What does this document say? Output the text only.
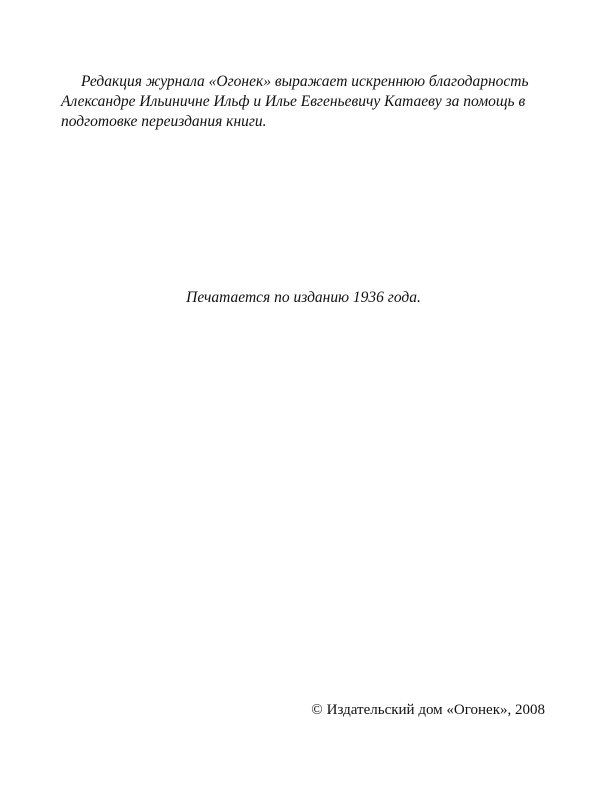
Редакция журнала «Огонек» выражает искреннюю благодарность
Александре Ильиничне Ильф и Илье Евгеньевичу Катаеву за помощь в
подготовке переиздания книги.

Печатается по изданию 1936 года.

© Издательский дом «Огонек», 2008
